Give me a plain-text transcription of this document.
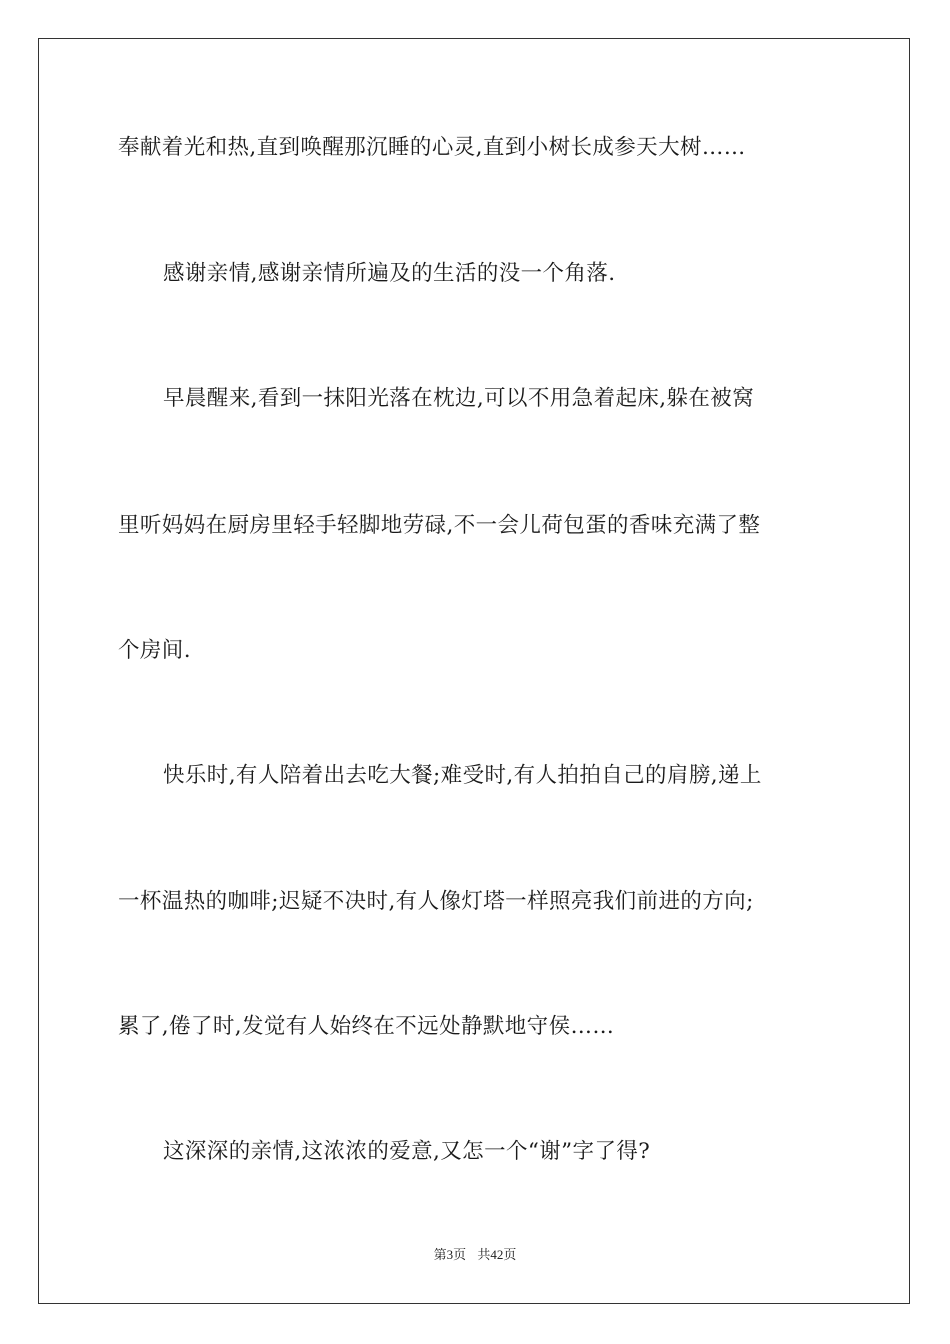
奉献着光和热,直到唤醒那沉睡的心灵,直到小树长成参天大树……
感谢亲情,感谢亲情所遍及的生活的没一个角落.
早晨醒来,看到一抹阳光落在枕边,可以不用急着起床,躲在被窝
里听妈妈在厨房里轻手轻脚地劳碌,不一会儿荷包蛋的香味充满了整
个房间.
快乐时,有人陪着出去吃大餐;难受时,有人拍拍自己的肩膀,递上
一杯温热的咖啡;迟疑不决时,有人像灯塔一样照亮我们前进的方向;
累了,倦了时,发觉有人始终在不远处静默地守侯……
这深深的亲情,这浓浓的爱意,又怎一个“谢”字了得?
第3页 共42页
